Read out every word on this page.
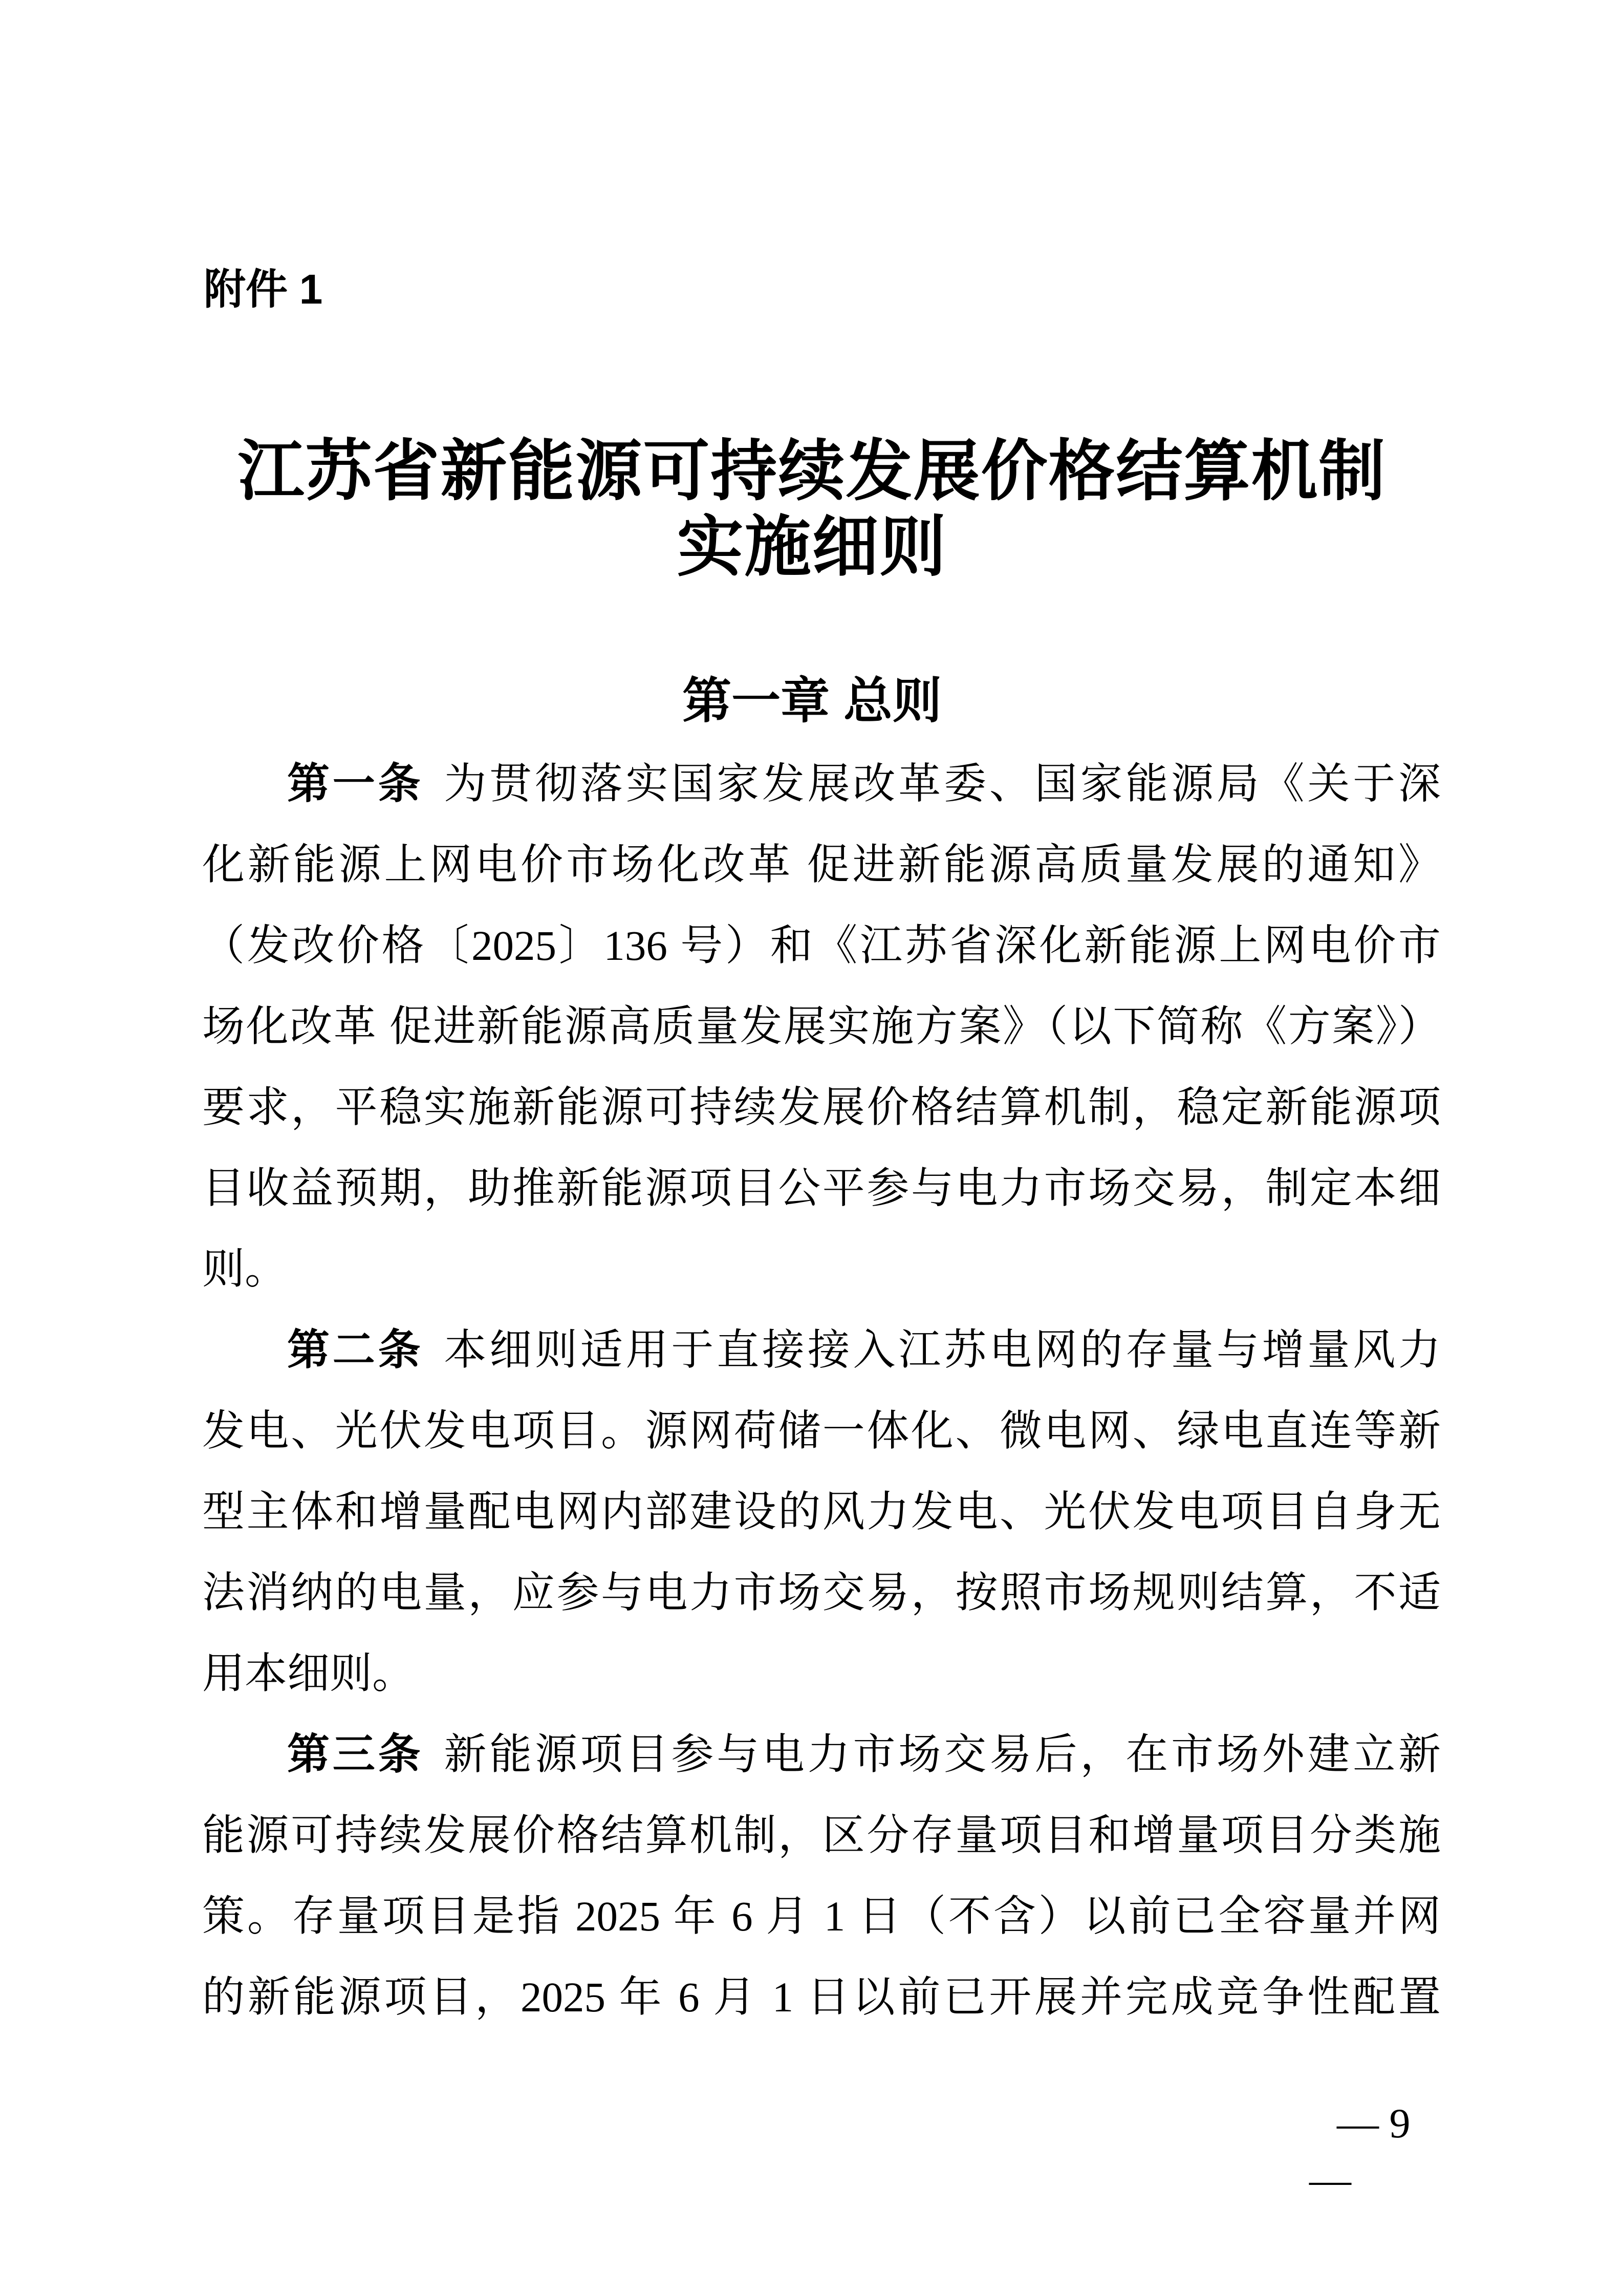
附件 1
江苏省新能源可持续发展价格结算机制
实施细则
第一章 总则
第一条 为贯彻落实国家发展改革委、国家能源局《关于深
化新能源上网电价市场化改革 促进新能源高质量发展的通知》
（发改价格〔2025〕136 号）和《江苏省深化新能源上网电价市
场化改革 促进新能源高质量发展实施方案》（以下简称《方案》）
要求，平稳实施新能源可持续发展价格结算机制，稳定新能源项
目收益预期，助推新能源项目公平参与电力市场交易，制定本细
则。
第二条 本细则适用于直接接入江苏电网的存量与增量风力
发电、光伏发电项目。源网荷储一体化、微电网、绿电直连等新
型主体和增量配电网内部建设的风力发电、光伏发电项目自身无
法消纳的电量，应参与电力市场交易，按照市场规则结算，不适
用本细则。
第三条 新能源项目参与电力市场交易后，在市场外建立新
能源可持续发展价格结算机制，区分存量项目和增量项目分类施
策。存量项目是指 2025 年 6 月 1 日（不含）以前已全容量并网
的新能源项目，2025 年 6 月 1 日以前已开展并完成竞争性配置
— 9
—
